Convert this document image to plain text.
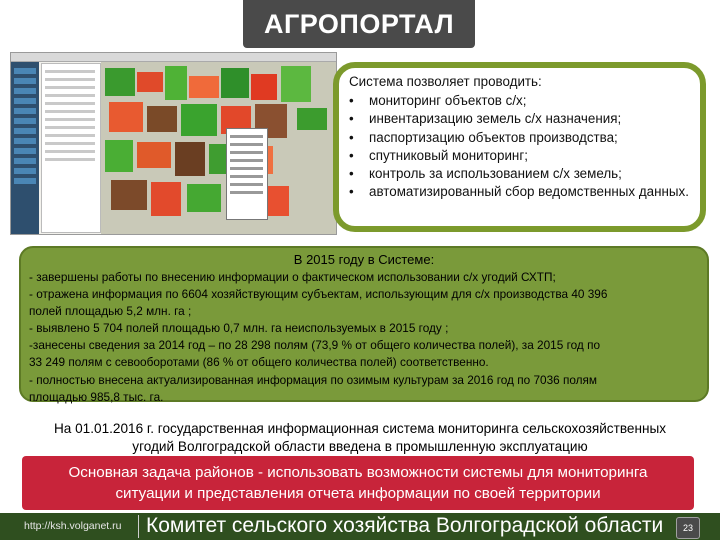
АГРОПОРТАЛ
Система позволяет проводить:
• мониторинг объектов с/х;
• инвентаризацию земель с/х назначения;
• паспортизацию объектов производства;
• спутниковый мониторинг;
• контроль за использованием с/х земель;
• автоматизированный сбор ведомственных данных.
В 2015 году в Системе:
- завершены работы по внесению информации о фактическом использовании с/х угодий СХТП;
- отражена информация по 6604 хозяйствующим субъектам, использующим для с/х производства 40 396
полей площадью 5,2 млн. га ;
- выявлено 5 704 полей площадью 0,7 млн. га неиспользуемых в 2015 году ;
-занесены сведения за 2014 год – по 28 298 полям (73,9 % от общего количества полей), за 2015 год по
33 249 полям с севооборотами (86 % от общего количества полей) соответственно.
- полностью внесена актуализированная информация по озимым культурам за 2016 год по 7036 полям
площадью 985,8 тыс. га.
На 01.01.2016 г. государственная информационная система мониторинга сельскохозяйственных
угодий Волгоградской области введена в промышленную эксплуатацию
Основная задача районов - использовать возможности системы для мониторинга
ситуации и представления отчета информации по своей территории
http://ksh.volganet.ru Комитет сельского хозяйства Волгоградской области	23
